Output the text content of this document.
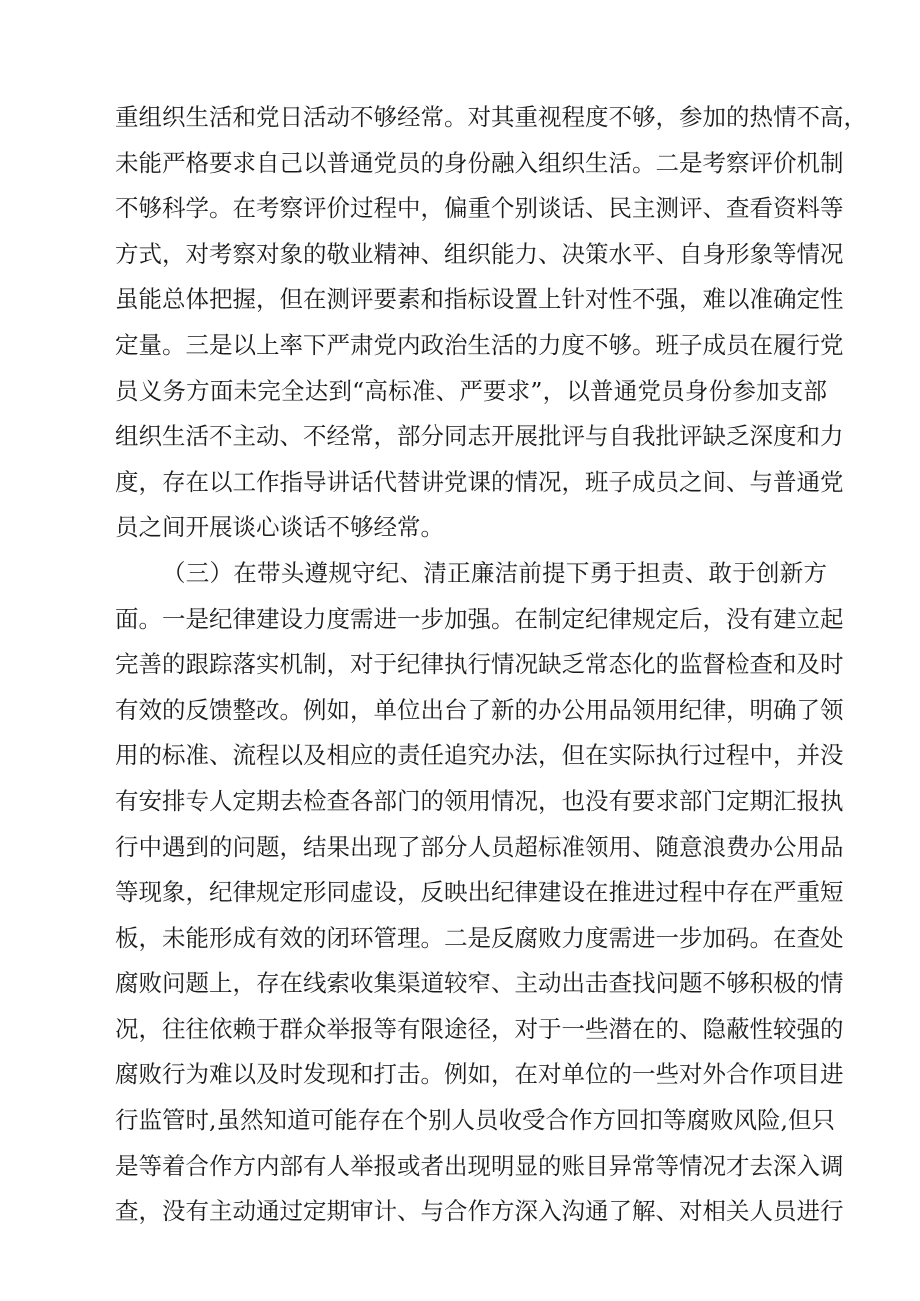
重组织生活和党日活动不够经常。对其重视程度不够，参加的热情不高，
未能严格要求自己以普通党员的身份融入组织生活。二是考察评价机制
不够科学。在考察评价过程中，偏重个别谈话、民主测评、查看资料等
方式，对考察对象的敬业精神、组织能力、决策水平、自身形象等情况
虽能总体把握，但在测评要素和指标设置上针对性不强，难以准确定性
定量。三是以上率下严肃党内政治生活的力度不够。班子成员在履行党
员义务方面未完全达到“高标准、严要求”，以普通党员身份参加支部
组织生活不主动、不经常，部分同志开展批评与自我批评缺乏深度和力
度，存在以工作指导讲话代替讲党课的情况，班子成员之间、与普通党
员之间开展谈心谈话不够经常。
（三）在带头遵规守纪、清正廉洁前提下勇于担责、敢于创新方
面。一是纪律建设力度需进一步加强。在制定纪律规定后，没有建立起
完善的跟踪落实机制，对于纪律执行情况缺乏常态化的监督检查和及时
有效的反馈整改。例如，单位出台了新的办公用品领用纪律，明确了领
用的标准、流程以及相应的责任追究办法，但在实际执行过程中，并没
有安排专人定期去检查各部门的领用情况，也没有要求部门定期汇报执
行中遇到的问题，结果出现了部分人员超标准领用、随意浪费办公用品
等现象，纪律规定形同虚设，反映出纪律建设在推进过程中存在严重短
板，未能形成有效的闭环管理。二是反腐败力度需进一步加码。在查处
腐败问题上，存在线索收集渠道较窄、主动出击查找问题不够积极的情
况，往往依赖于群众举报等有限途径，对于一些潜在的、隐蔽性较强的
腐败行为难以及时发现和打击。例如，在对单位的一些对外合作项目进
行监管时,虽然知道可能存在个别人员收受合作方回扣等腐败风险,但只
是等着合作方内部有人举报或者出现明显的账目异常等情况才去深入调
查，没有主动通过定期审计、与合作方深入沟通了解、对相关人员进行
